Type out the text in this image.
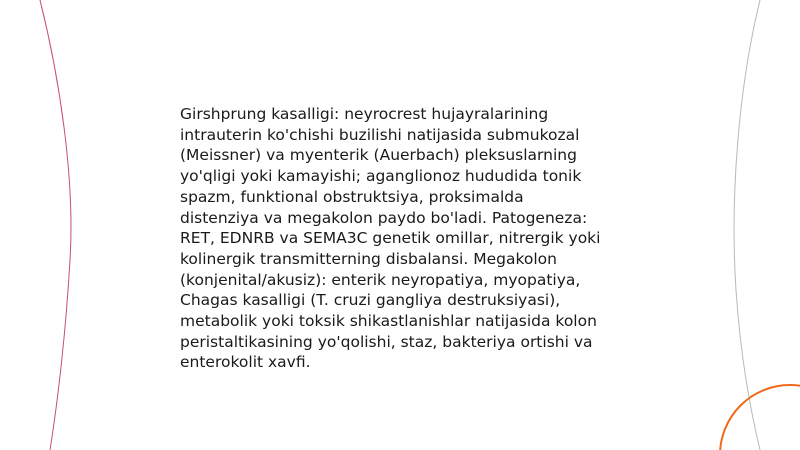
Girshprung kasalligi: neyrocrest hujayralarining
intrauterin ko'chishi buzilishi natijasida submukozal
(Meissner) va myenterik (Auerbach) pleksuslarning
yo'qligi yoki kamayishi; aganglionoz hududida tonik
spazm, funktional obstruktsiya, proksimalda
distenziya va megakolon paydo bo'ladi. Patogeneza:
RET, EDNRB va SEMA3C genetik omillar, nitrergik yoki
kolinergik transmitterning disbalansi. Megakolon
(konjenital/akusiz): enterik neyropatiya, myopatiya,
Chagas kasalligi (T. cruzi gangliya destruksiyasi),
metabolik yoki toksik shikastlanishlar natijasida kolon
peristaltikasining yo'qolishi, staz, bakteriya ortishi va
enterokolit xavfi.
